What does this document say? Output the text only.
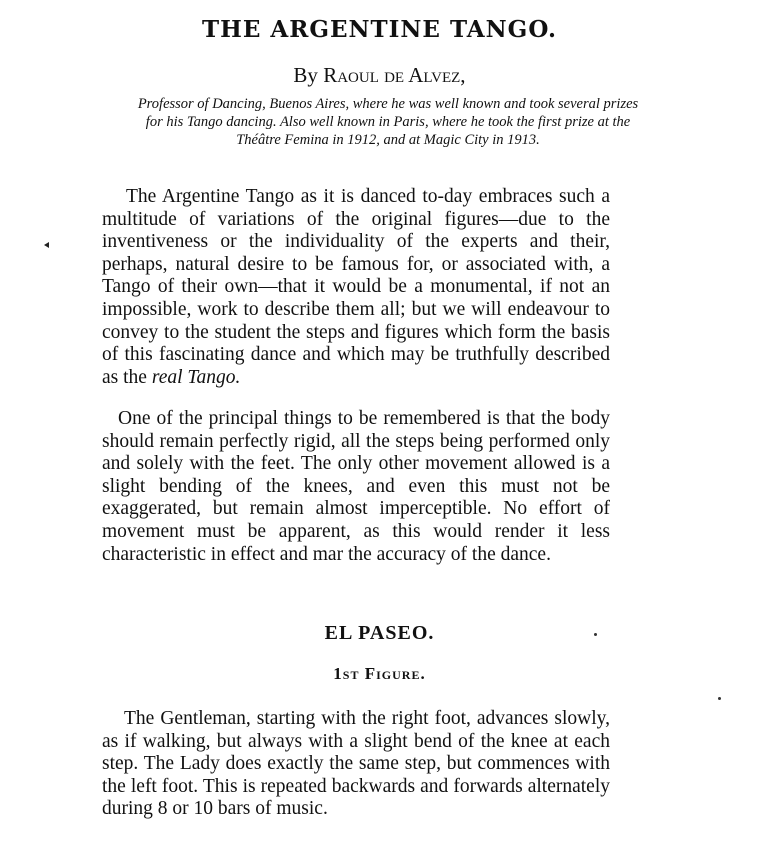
THE ARGENTINE TANGO.

By Raoul de Alvez,

Professor of Dancing, Buenos Aires, where he was well known and took several prizes for his Tango dancing. Also well known in Paris, where he took the first prize at the Théâtre Femina in 1912, and at Magic City in 1913.

The Argentine Tango as it is danced to-day embraces such a multitude of variations of the original figures—due to the inventiveness or the individuality of the experts and their, perhaps, natural desire to be famous for, or associated with, a Tango of their own—that it would be a monumental, if not an impossible, work to describe them all; but we will endeavour to convey to the student the steps and figures which form the basis of this fascinating dance and which may be truthfully described as the real Tango.

One of the principal things to be remembered is that the body should remain perfectly rigid, all the steps being performed only and solely with the feet. The only other movement allowed is a slight bending of the knees, and even this must not be exaggerated, but remain almost imperceptible. No effort of movement must be apparent, as this would render it less characteristic in effect and mar the accuracy of the dance.

EL PASEO.
1st Figure.

The Gentleman, starting with the right foot, advances slowly, as if walking, but always with a slight bend of the knee at each step. The Lady does exactly the same step, but commences with the left foot. This is repeated backwards and forwards alternately during 8 or 10 bars of music.
